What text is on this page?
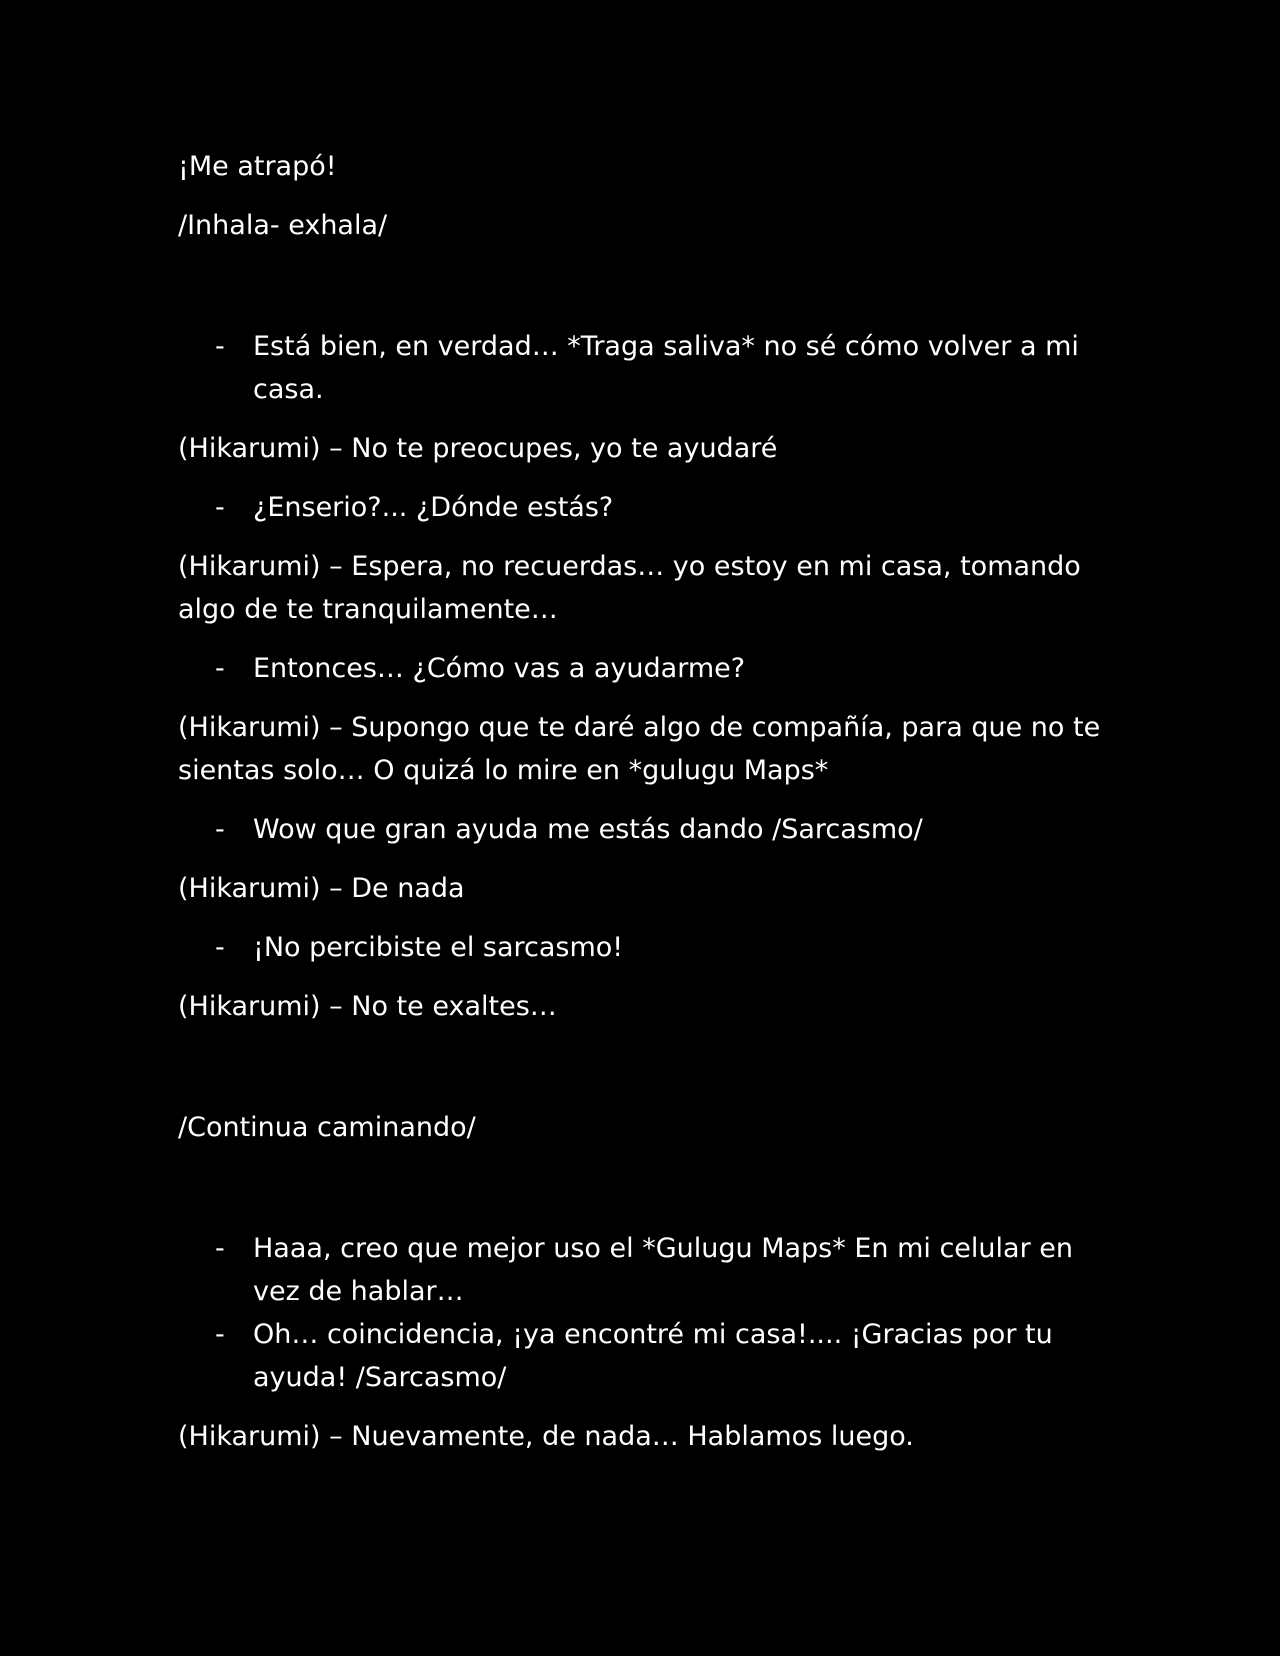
¡Me atrapó!

/Inhala- exhala/

- Está bien, en verdad… *Traga saliva* no sé cómo volver a mi casa.

(Hikarumi) – No te preocupes, yo te ayudaré

- ¿Enserio?... ¿Dónde estás?

(Hikarumi) – Espera, no recuerdas… yo estoy en mi casa, tomando algo de te tranquilamente…

- Entonces… ¿Cómo vas a ayudarme?

(Hikarumi) – Supongo que te daré algo de compañía, para que no te sientas solo… O quizá lo mire en *gulugu Maps*

- Wow que gran ayuda me estás dando /Sarcasmo/

(Hikarumi) – De nada

- ¡No percibiste el sarcasmo!

(Hikarumi) – No te exaltes…

/Continua caminando/

- Haaa, creo que mejor uso el *Gulugu Maps* En mi celular en vez de hablar…
- Oh… coincidencia, ¡ya encontré mi casa!.... ¡Gracias por tu ayuda! /Sarcasmo/

(Hikarumi) – Nuevamente, de nada… Hablamos luego.
